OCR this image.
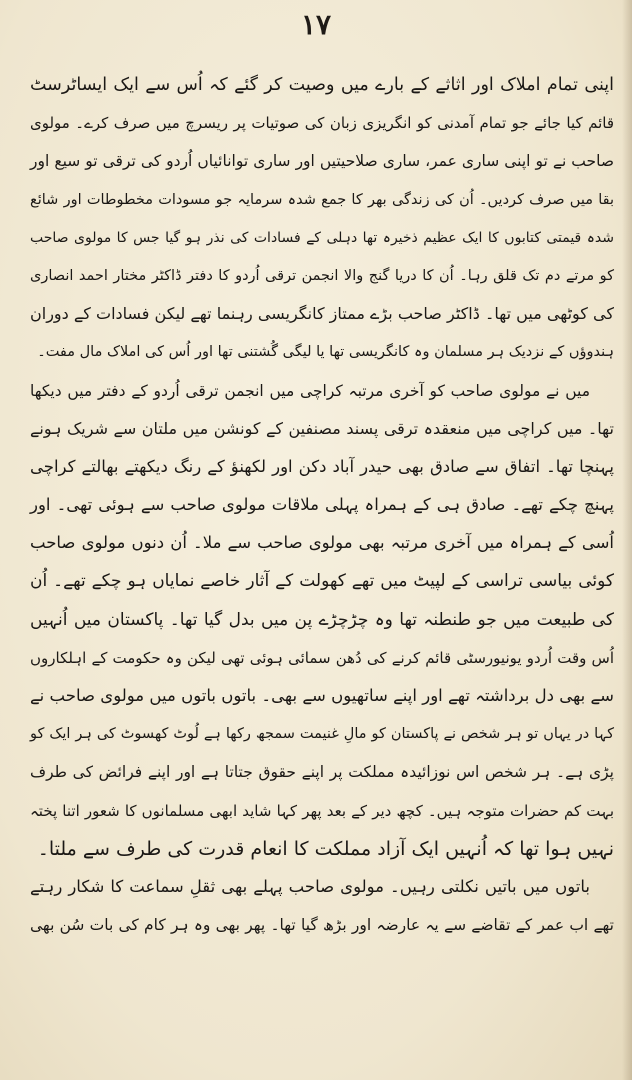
۱۷
اپنی تمام املاک اور اثاثے کے بارے میں وصیت کر گئے کہ اُس سے ایک ایساٹرسٹ
قائم کیا جائے جو تمام آمدنی کو انگریزی زبان کی صوتیات پر ریسرچ میں صرف کرے۔ مولوی
صاحب نے تو اپنی ساری عمر، ساری صلاحیتیں اور ساری توانائیاں اُردو کی ترقی تو سیع اور
بقا میں صرف کردیں۔ اُن کی زندگی بھر کا جمع شدہ سرمایہ جو مسودات مخطوطات اور شائع
شدہ قیمتی کتابوں کا ایک عظیم ذخیرہ تھا دہلی کے فسادات کی نذر ہو گیا جس کا مولوی صاحب
کو مرتے دم تک قلق رہا۔ اُن کا دریا گنج والا انجمن ترقی اُردو کا دفتر ڈاکٹر مختار احمد انصاری
کی کوٹھی میں تھا۔ ڈاکٹر صاحب بڑے ممتاز کانگریسی رہنما تھے لیکن فسادات کے دوران
ہندوؤں کے نزدیک ہر مسلمان وہ کانگریسی تھا یا لیگی گُشتنی تھا اور اُس کی املاک مال مفت۔
میں نے مولوی صاحب کو آخری مرتبہ کراچی میں انجمن ترقی اُردو کے دفتر میں دیکھا
تھا۔ میں کراچی میں منعقدہ ترقی پسند مصنفین کے کونشن میں ملتان سے شریک ہونے
پہنچا تھا۔ اتفاق سے صادق بھی حیدر آباد دکن اور لکھنؤ کے رنگ دیکھتے بھالتے کراچی
پہنچ چکے تھے۔ صادق ہی کے ہمراہ پہلی ملاقات مولوی صاحب سے ہوئی تھی۔ اور
اُسی کے ہمراہ میں آخری مرتبہ بھی مولوی صاحب سے ملا۔ اُن دنوں مولوی صاحب
کوئی بیاسی تراسی کے لپیٹ میں تھے کھولت کے آثار خاصے نمایاں ہو چکے تھے۔ اُن
کی طبیعت میں جو طنطنہ تھا وہ چڑچڑے پن میں بدل گیا تھا۔ پاکستان میں اُنہیں
اُس وقت اُردو یونیورسٹی قائم کرنے کی دُھن سمائی ہوئی تھی لیکن وہ حکومت کے اہلکاروں
سے بھی دل برداشتہ تھے اور اپنے ساتھیوں سے بھی۔ باتوں باتوں میں مولوی صاحب نے
کہا در یہاں تو ہر شخص نے پاکستان کو مالِ غنیمت سمجھ رکھا ہے لُوٹ کھسوٹ کی ہر ایک کو
پڑی ہے۔ ہر شخص اس نوزائیدہ مملکت پر اپنے حقوق جتاتا ہے اور اپنے فرائض کی طرف
بہت کم حضرات متوجہ ہیں۔ کچھ دیر کے بعد پھر کہا شاید ابھی مسلمانوں کا شعور اتنا پختہ
نہیں ہوا تھا کہ اُنہیں ایک آزاد مملکت کا انعام قدرت کی طرف سے ملتا۔
باتوں میں باتیں نکلتی رہیں۔ مولوی صاحب پہلے بھی ثقلِ سماعت کا شکار رہتے
تھے اب عمر کے تقاضے سے یہ عارضہ اور بڑھ گیا تھا۔ پھر بھی وہ ہر کام کی بات سُن بھی
